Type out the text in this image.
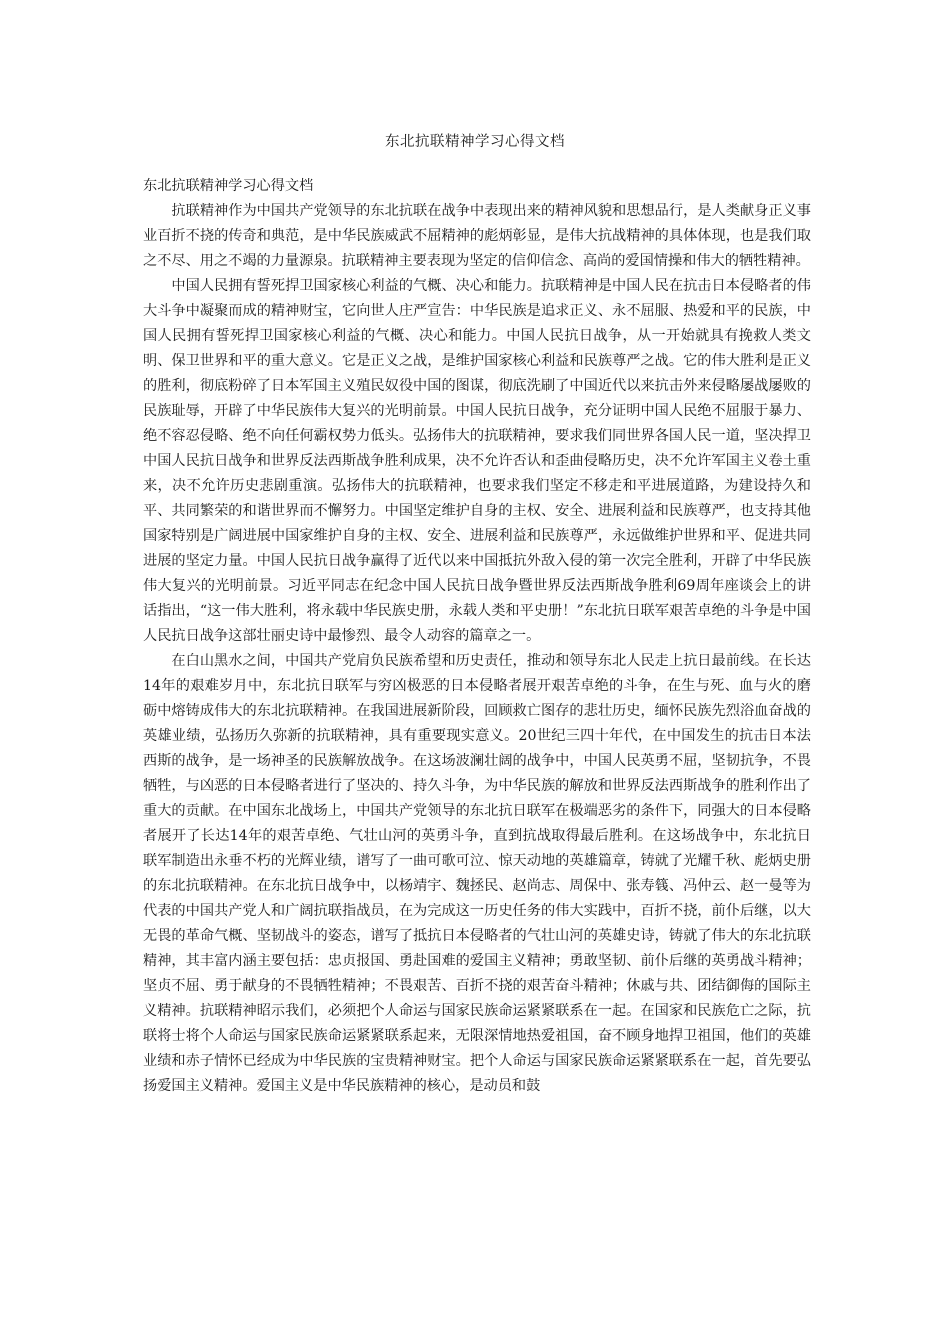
东北抗联精神学习心得文档

东北抗联精神学习心得文档

抗联精神作为中国共产党领导的东北抗联在战争中表现出来的精神风貌和思想品行，是人类献身正义事业百折不挠的传奇和典范，是中华民族威武不屈精神的彪炳彰显，是伟大抗战精神的具体体现，也是我们取之不尽、用之不竭的力量源泉。抗联精神主要表现为坚定的信仰信念、高尚的爱国情操和伟大的牺牲精神。

中国人民拥有誓死捍卫国家核心利益的气概、决心和能力。抗联精神是中国人民在抗击日本侵略者的伟大斗争中凝聚而成的精神财宝，它向世人庄严宣告：中华民族是追求正义、永不屈服、热爱和平的民族，中国人民拥有誓死捍卫国家核心利益的气概、决心和能力。中国人民抗日战争，从一开始就具有挽救人类文明、保卫世界和平的重大意义。它是正义之战，是维护国家核心利益和民族尊严之战。它的伟大胜利是正义的胜利，彻底粉碎了日本军国主义殖民奴役中国的图谋，彻底洗刷了中国近代以来抗击外来侵略屡战屡败的民族耻辱，开辟了中华民族伟大复兴的光明前景。中国人民抗日战争，充分证明中国人民绝不屈服于暴力、绝不容忍侵略、绝不向任何霸权势力低头。弘扬伟大的抗联精神，要求我们同世界各国人民一道，坚决捍卫中国人民抗日战争和世界反法西斯战争胜利成果，决不允许否认和歪曲侵略历史，决不允许军国主义卷土重来，决不允许历史悲剧重演。弘扬伟大的抗联精神，也要求我们坚定不移走和平进展道路，为建设持久和平、共同繁荣的和谐世界而不懈努力。中国坚定维护自身的主权、安全、进展利益和民族尊严，也支持其他国家特别是广阔进展中国家维护自身的主权、安全、进展利益和民族尊严，永远做维护世界和平、促进共同进展的坚定力量。中国人民抗日战争赢得了近代以来中国抵抗外敌入侵的第一次完全胜利，开辟了中华民族伟大复兴的光明前景。习近平同志在纪念中国人民抗日战争暨世界反法西斯战争胜利69周年座谈会上的讲话指出，“这一伟大胜利，将永载中华民族史册，永载人类和平史册！”东北抗日联军艰苦卓绝的斗争是中国人民抗日战争这部壮丽史诗中最惨烈、最令人动容的篇章之一。

在白山黑水之间，中国共产党肩负民族希望和历史责任，推动和领导东北人民走上抗日最前线。在长达14年的艰难岁月中，东北抗日联军与穷凶极恶的日本侵略者展开艰苦卓绝的斗争，在生与死、血与火的磨砺中熔铸成伟大的东北抗联精神。在我国进展新阶段，回顾救亡图存的悲壮历史，缅怀民族先烈浴血奋战的英雄业绩，弘扬历久弥新的抗联精神，具有重要现实意义。20世纪三四十年代，在中国发生的抗击日本法西斯的战争，是一场神圣的民族解放战争。在这场波澜壮阔的战争中，中国人民英勇不屈，坚韧抗争，不畏牺牲，与凶恶的日本侵略者进行了坚决的、持久斗争，为中华民族的解放和世界反法西斯战争的胜利作出了重大的贡献。在中国东北战场上，中国共产党领导的东北抗日联军在极端恶劣的条件下，同强大的日本侵略者展开了长达14年的艰苦卓绝、气壮山河的英勇斗争，直到抗战取得最后胜利。在这场战争中，东北抗日联军制造出永垂不朽的光辉业绩，谱写了一曲可歌可泣、惊天动地的英雄篇章，铸就了光耀千秋、彪炳史册的东北抗联精神。在东北抗日战争中，以杨靖宇、魏拯民、赵尚志、周保中、张寿篯、冯仲云、赵一曼等为代表的中国共产党人和广阔抗联指战员，在为完成这一历史任务的伟大实践中，百折不挠，前仆后继，以大无畏的革命气概、坚韧战斗的姿态，谱写了抵抗日本侵略者的气壮山河的英雄史诗，铸就了伟大的东北抗联精神，其丰富内涵主要包括：忠贞报国、勇赴国难的爱国主义精神；勇敢坚韧、前仆后继的英勇战斗精神；坚贞不屈、勇于献身的不畏牺牲精神；不畏艰苦、百折不挠的艰苦奋斗精神；休戚与共、团结御侮的国际主义精神。抗联精神昭示我们，必须把个人命运与国家民族命运紧紧联系在一起。在国家和民族危亡之际，抗联将士将个人命运与国家民族命运紧紧联系起来，无限深情地热爱祖国，奋不顾身地捍卫祖国，他们的英雄业绩和赤子情怀已经成为中华民族的宝贵精神财宝。把个人命运与国家民族命运紧紧联系在一起，首先要弘扬爱国主义精神。爱国主义是中华民族精神的核心，是动员和鼓
